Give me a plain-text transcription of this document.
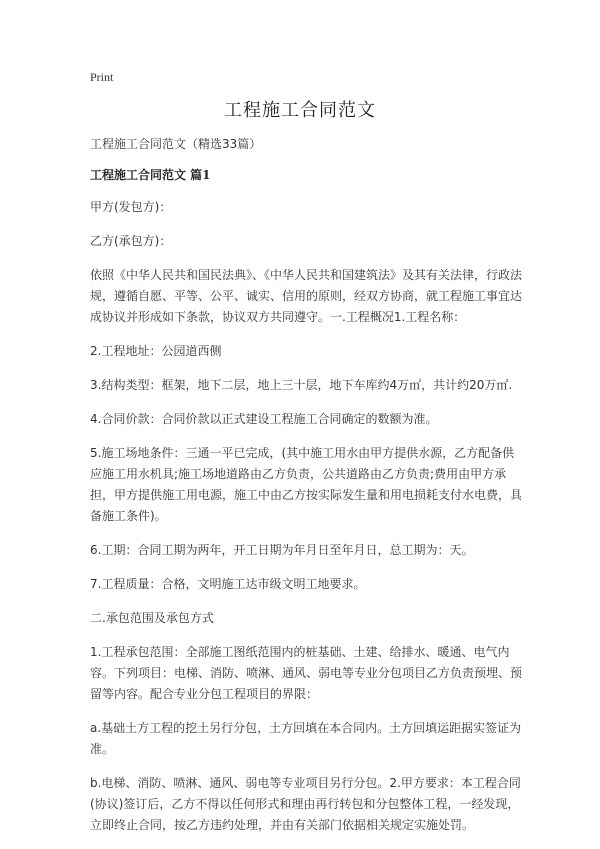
Print
工程施工合同范文

工程施工合同范文（精选33篇）

工程施工合同范文 篇1

甲方(发包方)：

乙方(承包方)：

依照《中华人民共和国民法典》、《中华人民共和国建筑法》及其有关法律，行政法规，遵循自愿、平等、公平、诚实、信用的原则，经双方协商，就工程施工事宜达成协议并形成如下条款，协议双方共同遵守。一.工程概况1.工程名称：

2.工程地址：公园道西侧

3.结构类型：框架，地下二层，地上三十层，地下车库约4万㎡，共计约20万㎡.

4.合同价款：合同价款以正式建设工程施工合同确定的数额为准。

5.施工场地条件：三通一平已完成，(其中施工用水由甲方提供水源，乙方配备供应施工用水机具;施工场地道路由乙方负责，公共道路由乙方负责;费用由甲方承担，甲方提供施工用电源，施工中由乙方按实际发生量和用电损耗支付水电费，具备施工条件)。

6.工期：合同工期为两年，开工日期为年月日至年月日，总工期为：天。

7.工程质量：合格，文明施工达市级文明工地要求。

二.承包范围及承包方式

1.工程承包范围：全部施工图纸范围内的桩基础、土建、给排水、暖通、电气内容。下列项目：电梯、消防、喷淋、通风、弱电等专业分包项目乙方负责预埋、预留等内容。配合专业分包工程项目的界限：

a.基础土方工程的挖土另行分包，土方回填在本合同内。土方回填运距据实签证为准。

b.电梯、消防、喷淋、通风、弱电等专业项目另行分包。2.甲方要求：本工程合同(协议)签订后，乙方不得以任何形式和理由再行转包和分包整体工程，一经发现，立即终止合同，按乙方违约处理，并由有关部门依据相关规定实施处罚。
